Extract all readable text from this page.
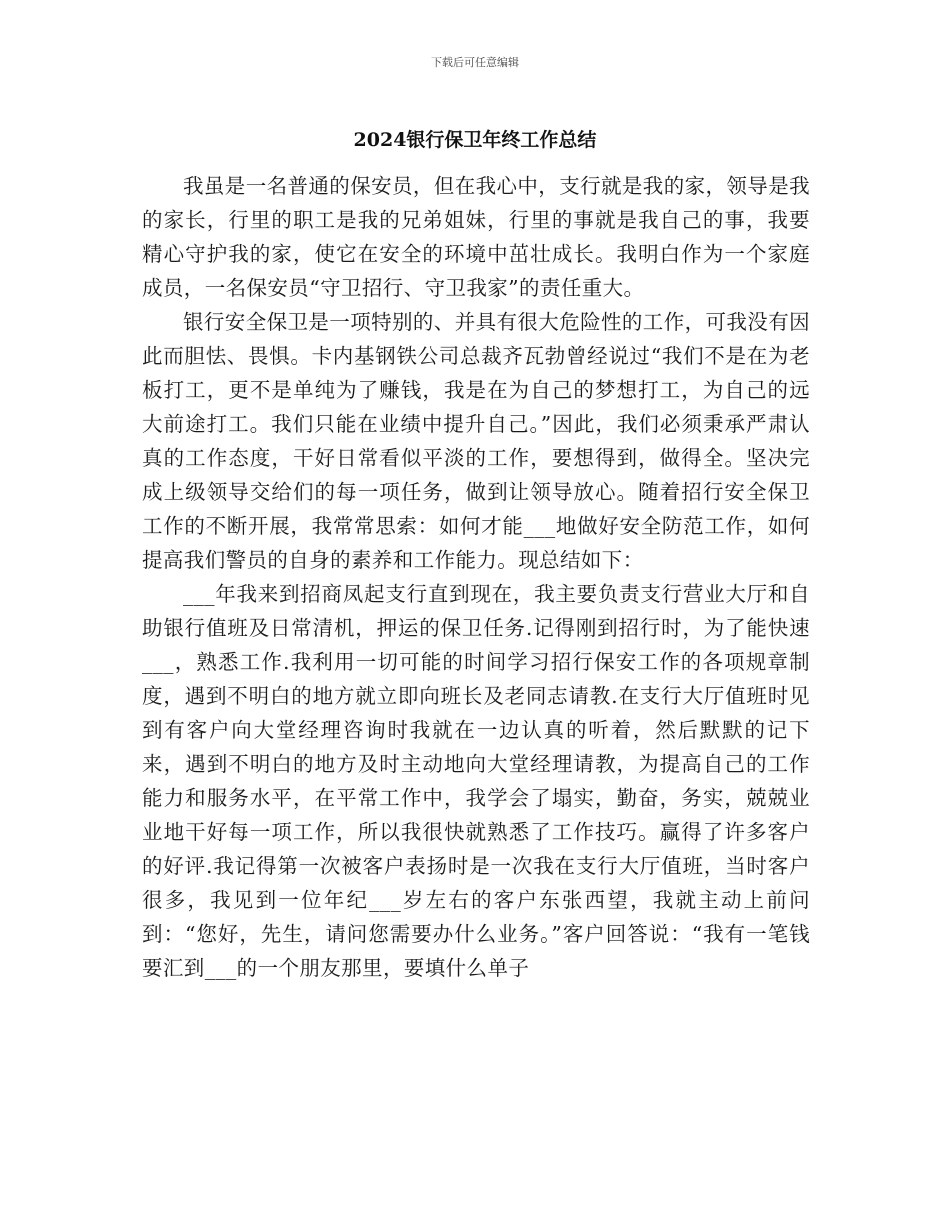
下载后可任意编辑
2024银行保卫年终工作总结

我虽是一名普通的保安员，但在我心中，支行就是我的家，领导是我的家长，行里的职工是我的兄弟姐妹，行里的事就是我自己的事，我要精心守护我的家，使它在安全的环境中茁壮成长。我明白作为一个家庭成员，一名保安员“守卫招行、守卫我家”的责任重大。

银行安全保卫是一项特别的、并具有很大危险性的工作，可我没有因此而胆怯、畏惧。卡内基钢铁公司总裁齐瓦勃曾经说过“我们不是在为老板打工，更不是单纯为了赚钱，我是在为自己的梦想打工，为自己的远大前途打工。我们只能在业绩中提升自己。”因此，我们必须秉承严肃认真的工作态度，干好日常看似平淡的工作，要想得到，做得全。坚决完成上级领导交给们的每一项任务，做到让领导放心。随着招行安全保卫工作的不断开展，我常常思索：如何才能___地做好安全防范工作，如何提高我们警员的自身的素养和工作能力。现总结如下：

___年我来到招商凤起支行直到现在，我主要负责支行营业大厅和自助银行值班及日常清机，押运的保卫任务.记得刚到招行时，为了能快速___，熟悉工作.我利用一切可能的时间学习招行保安工作的各项规章制度，遇到不明白的地方就立即向班长及老同志请教.在支行大厅值班时见到有客户向大堂经理咨询时我就在一边认真的听着，然后默默的记下来，遇到不明白的地方及时主动地向大堂经理请教，为提高自己的工作能力和服务水平，在平常工作中，我学会了塌实，勤奋，务实，兢兢业业地干好每一项工作，所以我很快就熟悉了工作技巧。赢得了许多客户的好评.我记得第一次被客户表扬时是一次我在支行大厅值班，当时客户很多，我见到一位年纪___岁左右的客户东张西望，我就主动上前问到：“您好，先生，请问您需要办什么业务。”客户回答说：“我有一笔钱要汇到___的一个朋友那里，要填什么单子
